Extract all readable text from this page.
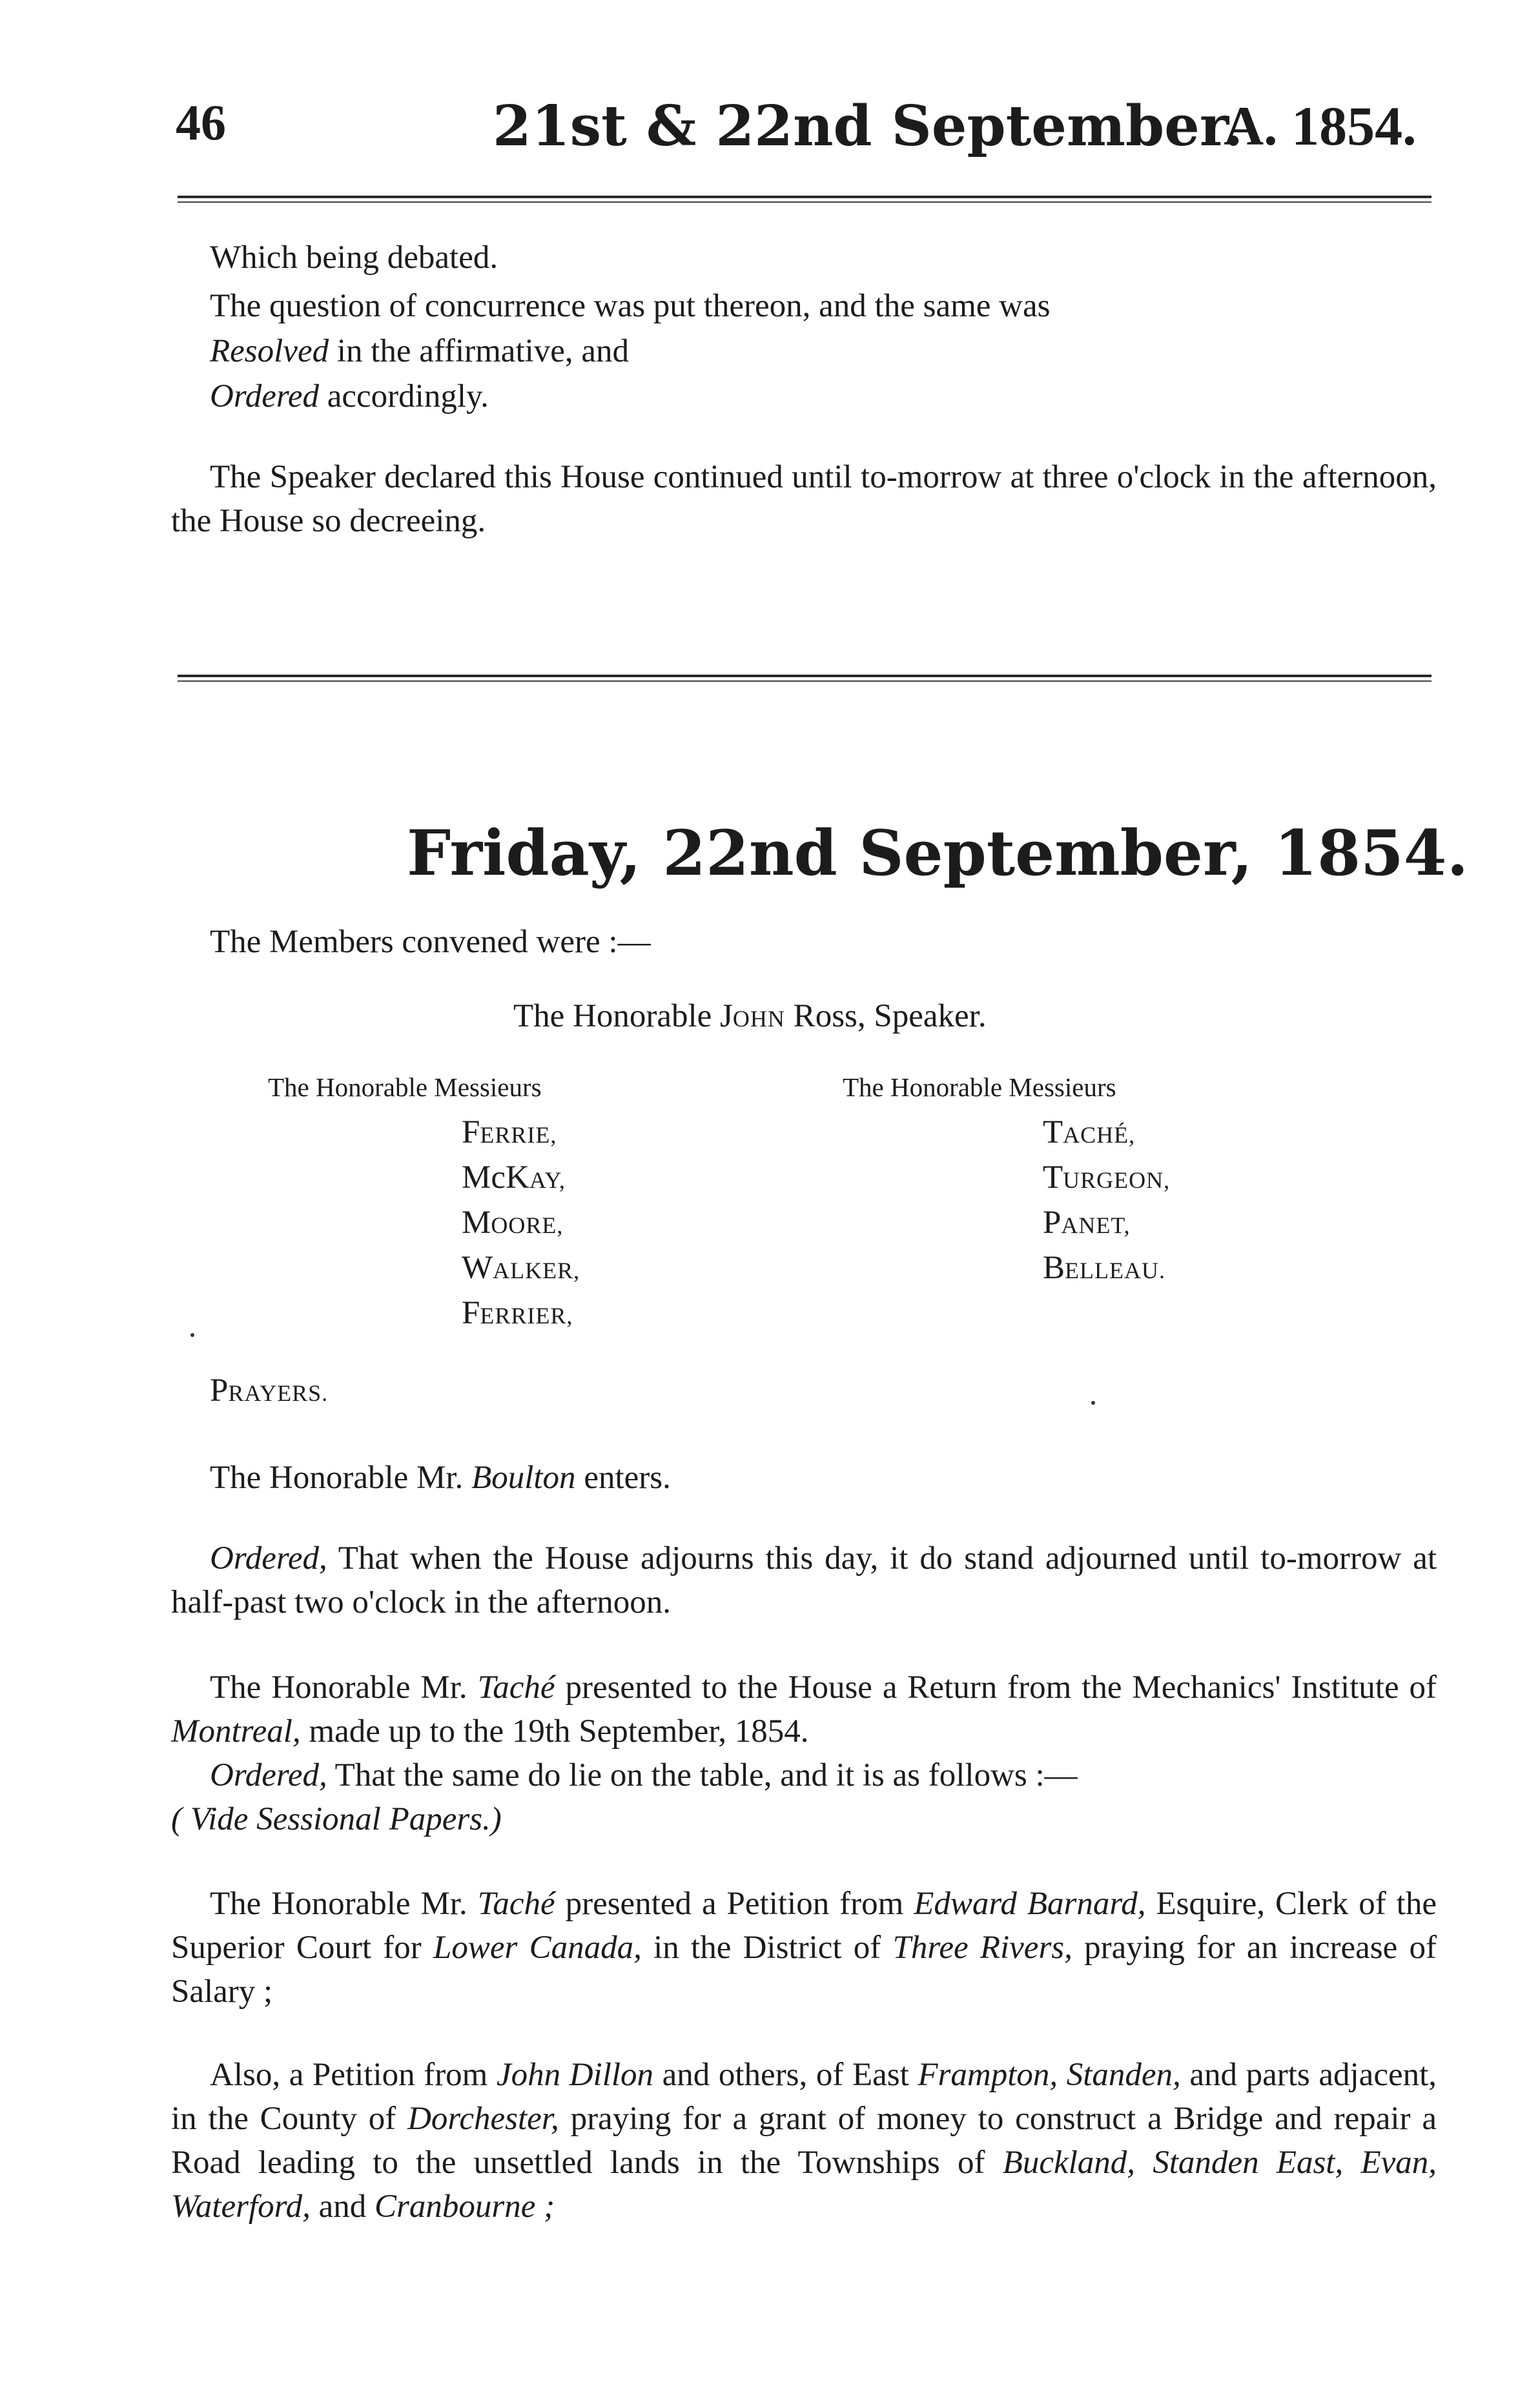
46	21st & 22nd September.
A. 1854.
Which being debated.
The question of concurrence was put thereon, and the same was
Resolved in the affirmative, and
Ordered accordingly.

The Speaker declared this House continued until to-morrow at three o'clock in the afternoon, the House so decreeing.

Friday, 22nd September, 1854.
The Members convened were :—
The Honorable JOHN Ross, Speaker.
The Honorable Messieurs	The Honorable Messieurs
FERRIE,
McKAY,
MOORE,
WALKER,
FERRIER,
TACHÉ,
TURGEON,
PANET,
BELLEAU.
PRAYERS.
The Honorable Mr. Boulton enters.

Ordered, That when the House adjourns this day, it do stand adjourned until to-morrow at half-past two o'clock in the afternoon.

The Honorable Mr. Taché presented to the House a Return from the Mechanics' Institute of Montreal, made up to the 19th September, 1854.

Ordered, That the same do lie on the table, and it is as follows :—

( Vide Sessional Papers.)

The Honorable Mr. Taché presented a Petition from Edward Barnard, Esquire, Clerk of the Superior Court for Lower Canada, in the District of Three Rivers, praying for an increase of Salary ;

Also, a Petition from John Dillon and others, of East Frampton, Standen, and parts adjacent, in the County of Dorchester, praying for a grant of money to construct a Bridge and repair a Road leading to the unsettled lands in the Townships of Buckland, Standen East, Evan, Waterford, and Cranbourne ;
